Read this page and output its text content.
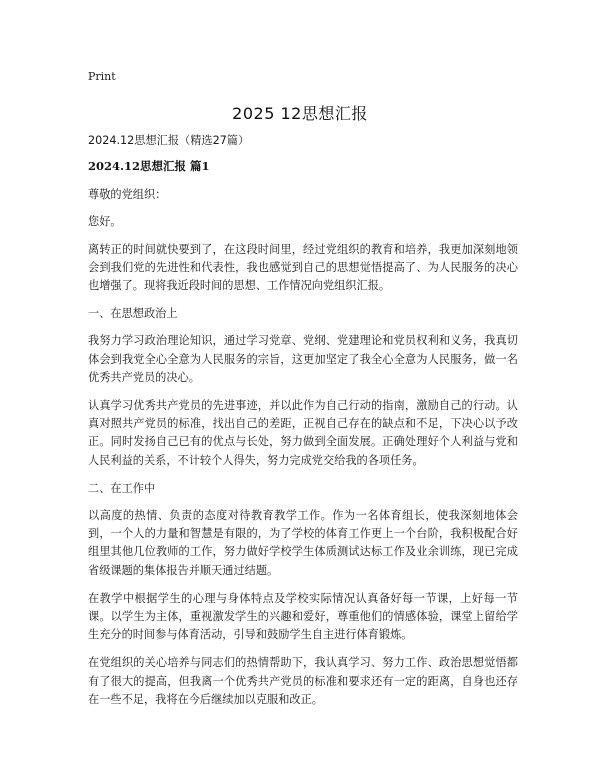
Print
2025 12思想汇报

2024.12思想汇报（精选27篇）

2024.12思想汇报 篇1

尊敬的党组织：

您好。

离转正的时间就快要到了，在这段时间里，经过党组织的教育和培养，我更加深刻地领会到我们党的先进性和代表性，我也感觉到自己的思想觉悟提高了、为人民服务的决心也增强了。现将我近段时间的思想、工作情况向党组织汇报。

一、在思想政治上

我努力学习政治理论知识，通过学习党章、党纲、党建理论和党员权利和义务，我真切体会到我党全心全意为人民服务的宗旨，这更加坚定了我全心全意为人民服务，做一名优秀共产党员的决心。

认真学习优秀共产党员的先进事迹，并以此作为自己行动的指南，激励自己的行动。认真对照共产党员的标准，找出自己的差距，正视自己存在的缺点和不足，下决心以予改正。同时发扬自己已有的优点与长处，努力做到全面发展。正确处理好个人利益与党和人民利益的关系，不计较个人得失，努力完成党交给我的各项任务。

二、在工作中

以高度的热情、负责的态度对待教育教学工作。作为一名体育组长，使我深刻地体会到，一个人的力量和智慧是有限的，为了学校的体育工作更上一个台阶，我积极配合好组里其他几位教师的工作，努力做好学校学生体质测试达标工作及业余训练，现已完成省级课题的集体报告并顺天通过结题。

在教学中根据学生的心理与身体特点及学校实际情况认真备好每一节课，上好每一节课。以学生为主体，重视激发学生的兴趣和爱好，尊重他们的情感体验，课堂上留给学生充分的时间参与体育活动，引导和鼓励学生自主进行体育锻炼。

在党组织的关心培养与同志们的热情帮助下，我认真学习、努力工作、政治思想觉悟都有了很大的提高，但我离一个优秀共产党员的标准和要求还有一定的距离，自身也还存在一些不足，我将在今后继续加以克服和改正。
